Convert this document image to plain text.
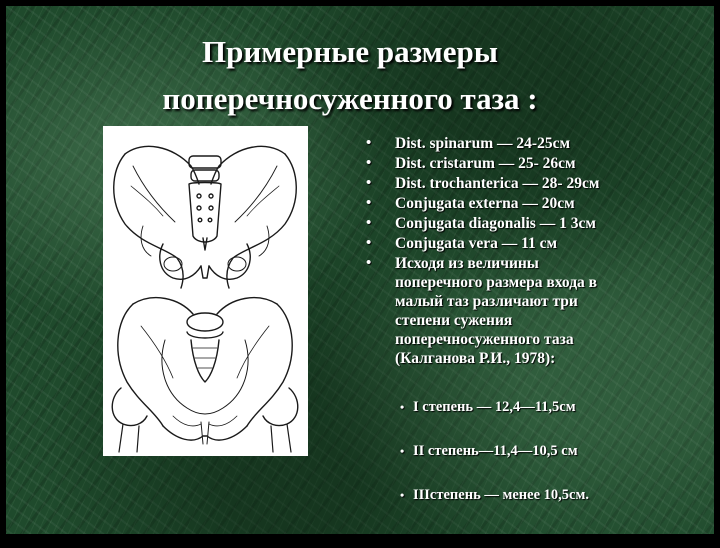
Примерные размеры
поперечносуженного таза :
• Dist. spinarum — 24-25см
• Dist. cristarum — 25- 26см
• Dist. trochanterica — 28- 29см
• Conjugata externa — 20см
• Conjugata diagonalis — 1 3см
• Conjugata vera — 11 см
• Исходя из величины
поперечного размера входа в
малый таз различают три
степени сужения
поперечносуженного таза
(Калганова Р.И., 1978):

• I степень — 12,4—11,5см

• II степень—11,4—10,5 см

• IIIстепень — менее 10,5см.
